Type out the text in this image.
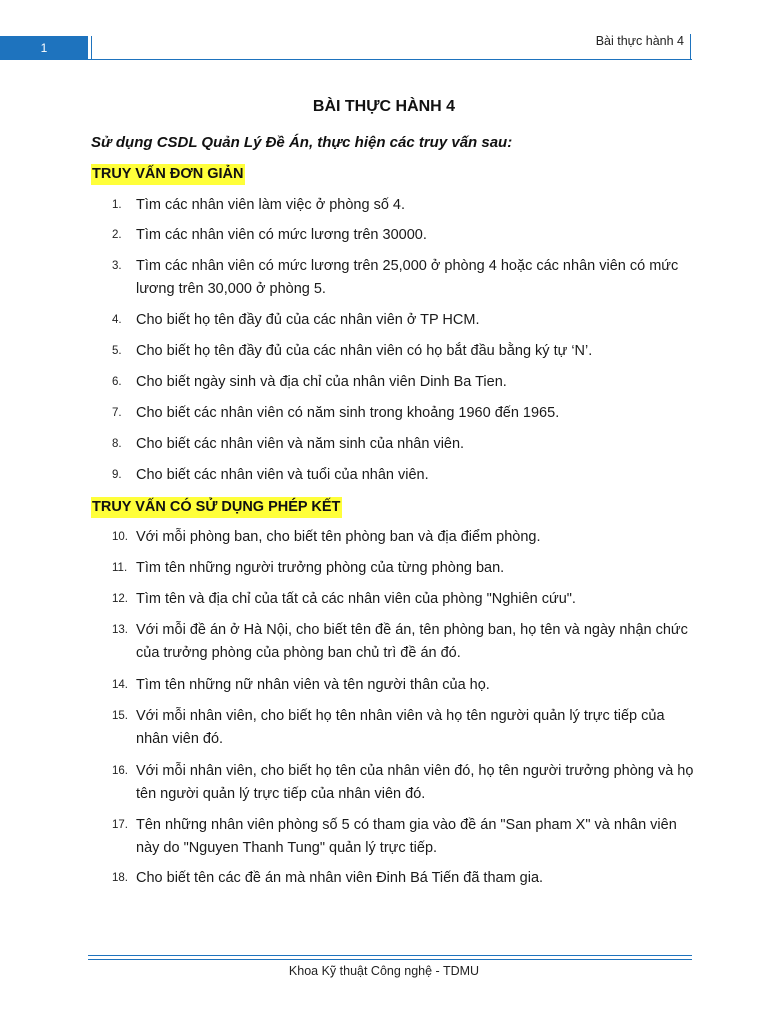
1	Bài thực hành 4
BÀI THỰC HÀNH 4
Sử dụng CSDL Quản Lý Đề Án, thực hiện các truy vấn sau:
TRUY VẤN ĐƠN GIẢN
1. Tìm các nhân viên làm việc ở phòng số 4.
2. Tìm các nhân viên có mức lương trên 30000.
3. Tìm các nhân viên có mức lương trên 25,000 ở phòng 4 hoặc các nhân viên có mức lương trên 30,000 ở phòng 5.
4. Cho biết họ tên đầy đủ của các nhân viên ở TP HCM.
5. Cho biết họ tên đầy đủ của các nhân viên có họ bắt đầu bằng ký tự ‘N’.
6. Cho biết ngày sinh và địa chỉ của nhân viên Dinh Ba Tien.
7. Cho biết các nhân viên có năm sinh trong khoảng 1960 đến 1965.
8. Cho biết các nhân viên và năm sinh của nhân viên.
9. Cho biết các nhân viên và tuổi của nhân viên.
TRUY VẤN CÓ SỬ DỤNG PHÉP KẾT
10. Với mỗi phòng ban, cho biết tên phòng ban và địa điểm phòng.
11. Tìm tên những người trưởng phòng của từng phòng ban.
12. Tìm tên và địa chỉ của tất cả các nhân viên của phòng "Nghiên cứu".
13. Với mỗi đề án ở Hà Nội, cho biết tên đề án, tên phòng ban, họ tên và ngày nhận chức của trưởng phòng của phòng ban chủ trì đề án đó.
14. Tìm tên những nữ nhân viên và tên người thân của họ.
15. Với mỗi nhân viên, cho biết họ tên nhân viên và họ tên người quản lý trực tiếp của nhân viên đó.
16. Với mỗi nhân viên, cho biết họ tên của nhân viên đó, họ tên người trưởng phòng và họ tên người quản lý trực tiếp của nhân viên đó.
17. Tên những nhân viên phòng số 5 có tham gia vào đề án "San pham X" và nhân viên này do "Nguyen Thanh Tung" quản lý trực tiếp.
18. Cho biết tên các đề án mà nhân viên Đinh Bá Tiến đã tham gia.
Khoa Kỹ thuật Công nghệ - TDMU
